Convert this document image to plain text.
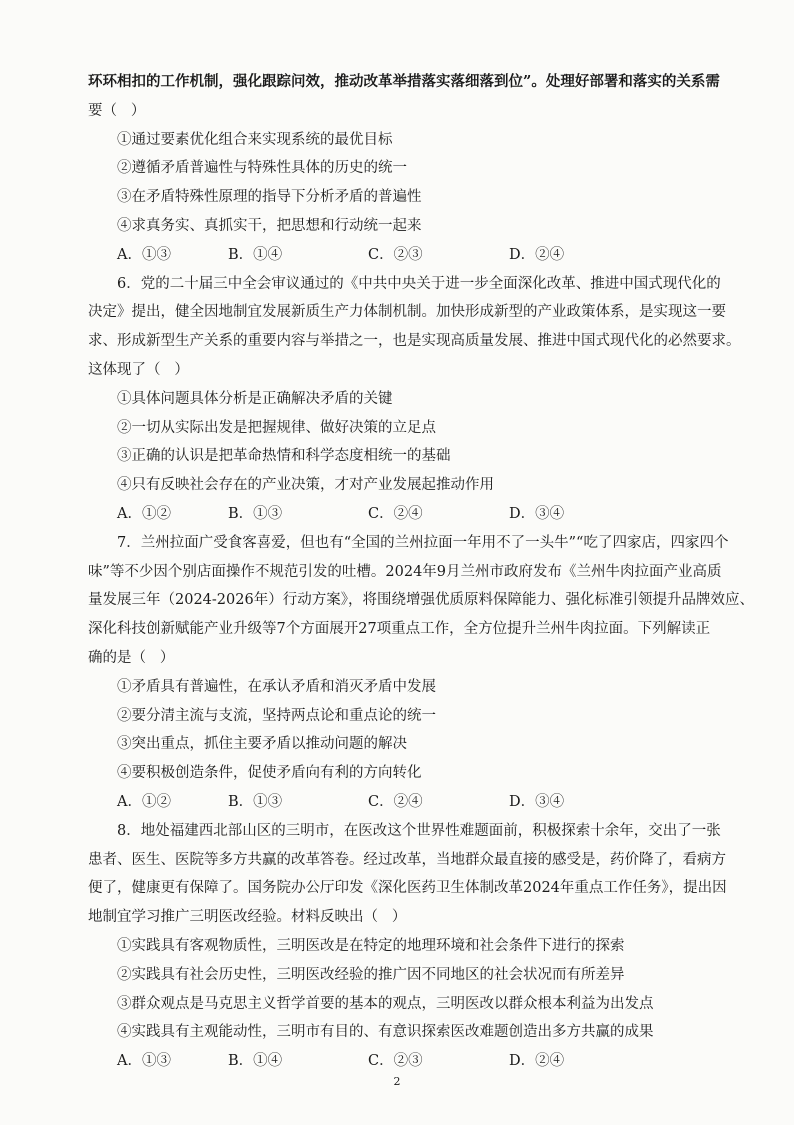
环环相扣的工作机制，强化跟踪问效，推动改革举措落实落细落到位”。处理好部署和落实的关系需

要（   ）

①通过要素优化组合来实现系统的最优目标

②遵循矛盾普遍性与特殊性具体的历史的统一

③在矛盾特殊性原理的指导下分析矛盾的普遍性

④求真务实、真抓实干，把思想和行动统一起来

A．①③	B．①④	C．②③	D．②④

6．党的二十届三中全会审议通过的《中共中央关于进一步全面深化改革、推进中国式现代化的

决定》提出，健全因地制宜发展新质生产力体制机制。加快形成新型的产业政策体系，是实现这一要

求、形成新型生产关系的重要内容与举措之一，也是实现高质量发展、推进中国式现代化的必然要求。

这体现了（   ）

①具体问题具体分析是正确解决矛盾的关键

②一切从实际出发是把握规律、做好决策的立足点

③正确的认识是把革命热情和科学态度相统一的基础

④只有反映社会存在的产业决策，才对产业发展起推动作用

A．①②	B．①③	C．②④	D．③④

7．兰州拉面广受食客喜爱，但也有“全国的兰州拉面一年用不了一头牛”“吃了四家店，四家四个

味”等不少因个别店面操作不规范引发的吐槽。2024年9月兰州市政府发布《兰州牛肉拉面产业高质

量发展三年（2024-2026年）行动方案》，将围绕增强优质原料保障能力、强化标准引领提升品牌效应、

深化科技创新赋能产业升级等7个方面展开27项重点工作，全方位提升兰州牛肉拉面。下列解读正

确的是（   ）

①矛盾具有普遍性，在承认矛盾和消灭矛盾中发展

②要分清主流与支流，坚持两点论和重点论的统一

③突出重点，抓住主要矛盾以推动问题的解决

④要积极创造条件，促使矛盾向有利的方向转化

A．①②	B．①③	C．②④	D．③④

8．地处福建西北部山区的三明市，在医改这个世界性难题面前，积极探索十余年，交出了一张

患者、医生、医院等多方共赢的改革答卷。经过改革，当地群众最直接的感受是，药价降了，看病方

便了，健康更有保障了。国务院办公厅印发《深化医药卫生体制改革2024年重点工作任务》，提出因

地制宜学习推广三明医改经验。材料反映出（   ）

①实践具有客观物质性，三明医改是在特定的地理环境和社会条件下进行的探索

②实践具有社会历史性，三明医改经验的推广因不同地区的社会状况而有所差异

③群众观点是马克思主义哲学首要的基本的观点，三明医改以群众根本利益为出发点

④实践具有主观能动性，三明市有目的、有意识探索医改难题创造出多方共赢的成果

A．①③	B．①④	C．②③	D．②④
2
